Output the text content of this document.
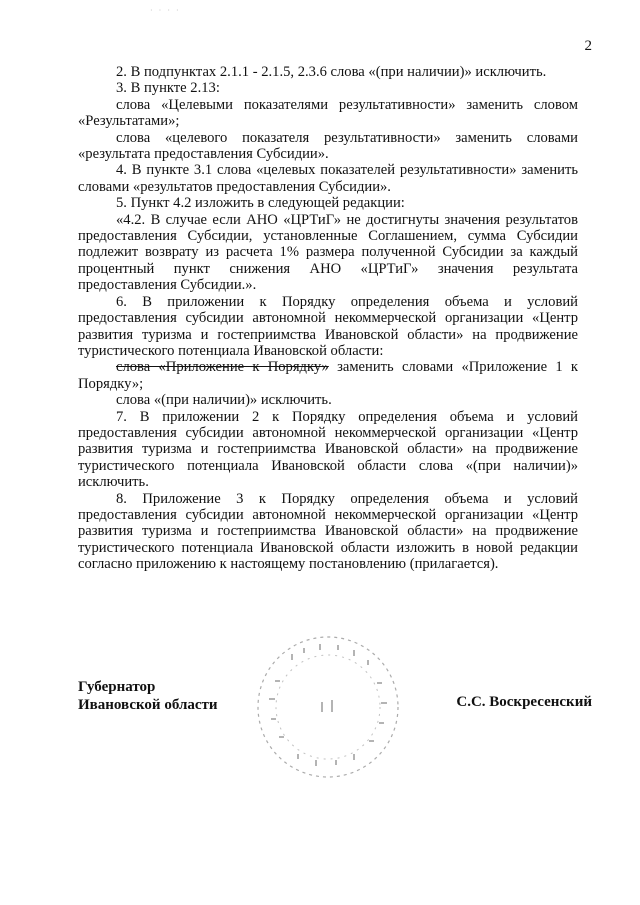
· · · ·
2

2. В подпунктах 2.1.1 - 2.1.5, 2.3.6 слова «(при наличии)» исключить.

3. В пункте 2.13:

слова «Целевыми показателями результативности» заменить словом «Результатами»;

слова «целевого показателя результативности» заменить словами «результата предоставления Субсидии».

4. В пункте 3.1 слова «целевых показателей результативности» заменить словами «результатов предоставления Субсидии».

5. Пункт 4.2 изложить в следующей редакции:

«4.2. В случае если АНО «ЦРТиГ» не достигнуты значения результатов предоставления Субсидии, установленные Соглашением, сумма Субсидии подлежит возврату из расчета 1% размера полученной Субсидии за каждый процентный пункт снижения АНО «ЦРТиГ» значения результата предоставления Субсидии.».

6. В приложении к Порядку определения объема и условий предоставления субсидии автономной некоммерческой организации «Центр развития туризма и гостеприимства Ивановской области» на продвижение туристического потенциала Ивановской области:

слова «Приложение к Порядку» заменить словами «Приложение 1 к Порядку»;

слова «(при наличии)» исключить.

7. В приложении 2 к Порядку определения объема и условий предоставления субсидии автономной некоммерческой организации «Центр развития туризма и гостеприимства Ивановской области» на продвижение туристического потенциала Ивановской области слова «(при наличии)» исключить.

8. Приложение 3 к Порядку определения объема и условий предоставления субсидии автономной некоммерческой организации «Центр развития туризма и гостеприимства Ивановской области» на продвижение туристического потенциала Ивановской области изложить в новой редакции согласно приложению к настоящему постановлению (прилагается).

Губернатор
Ивановской области	С.С. Воскресенский
